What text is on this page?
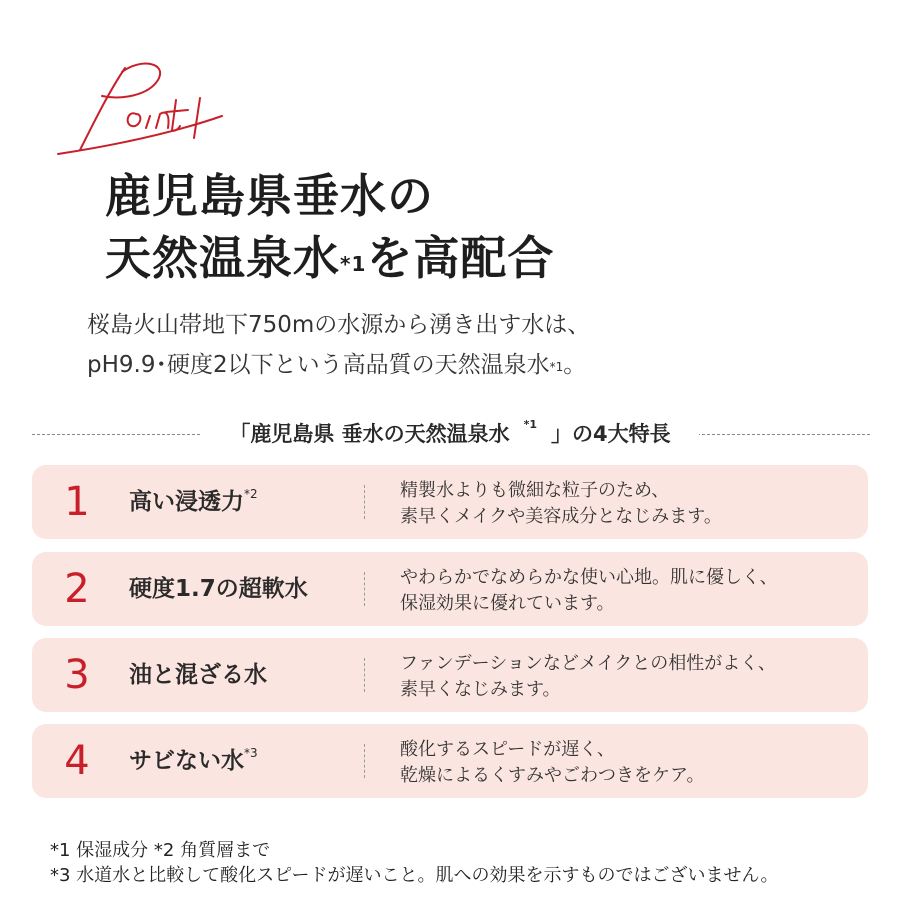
鹿児島県垂水の
天然温泉水$^{*1}$を高配合
桜島火山帯地下750mの水源から湧き出す水は、
pH9.9･硬度2以下という高品質の天然温泉水$^{*1}$。
「鹿児島県 垂水の天然温泉水 $^{*1}$ 」の4大特長
1 高い浸透力$^{*2}$	精製水よりも微細な粒子のため、
素早くメイクや美容成分となじみます。
2 硬度1.7の超軟水	やわらかでなめらかな使い心地。肌に優しく、
保湿効果に優れています。
3 油と混ざる水	ファンデーションなどメイクとの相性がよく、
素早くなじみます。
4 サビない水$^{*3}$	酸化するスピードが遅く、
乾燥によるくすみやごわつきをケア。
*1 保湿成分 *2 角質層まで
*3 水道水と比較して酸化スピードが遅いこと。肌への効果を示すものではございません。
